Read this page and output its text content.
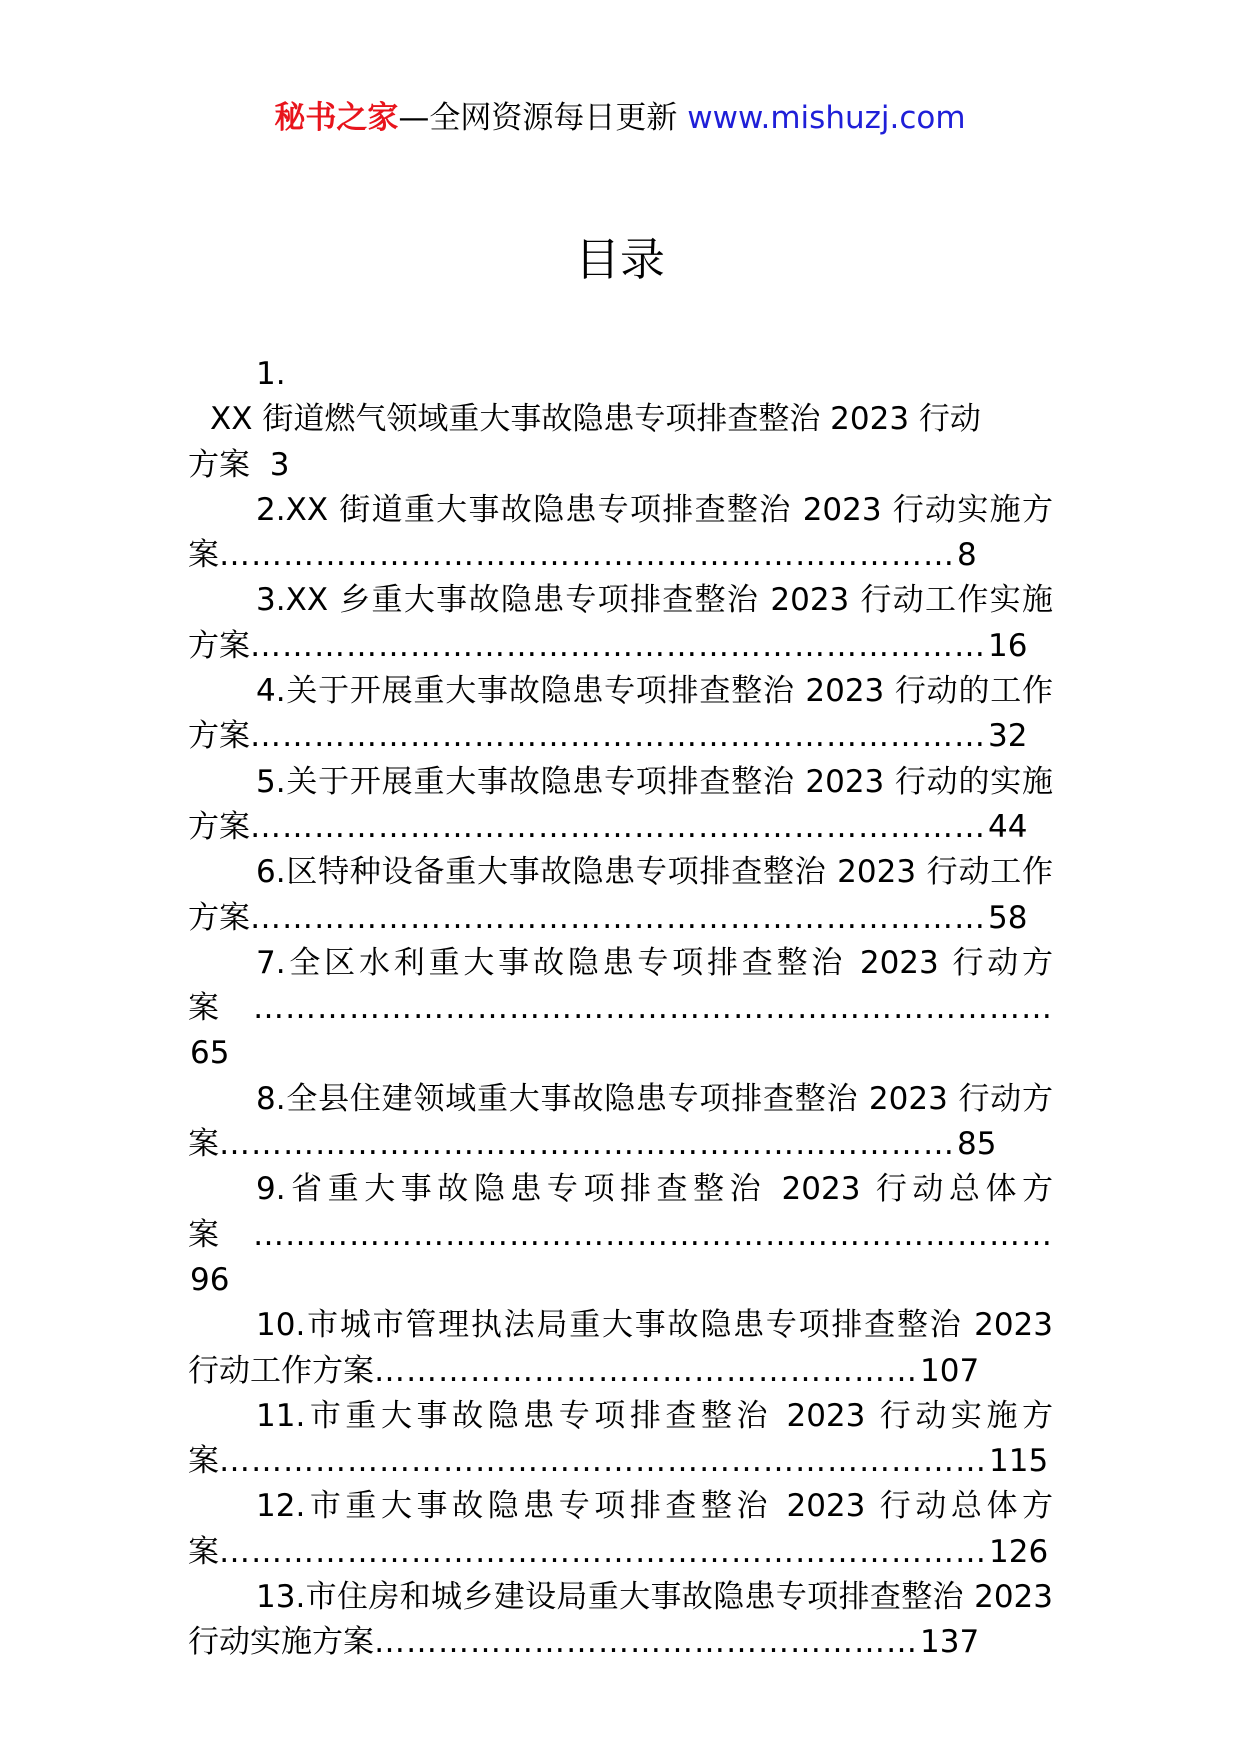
秘书之家—全网资源每日更新 www.mishuzj.com
目录
1.
XX 街道燃气领域重大事故隐患专项排查整治 2023 行动
方案 3
2.XX 街道重大事故隐患专项排查整治 2023 行动实施方案……………………………………………………………8
3.XX 乡重大事故隐患专项排查整治 2023 行动工作实施方案……………………………………………………………16
4.关于开展重大事故隐患专项排查整治 2023 行动的工作方案……………………………………………………………32
5.关于开展重大事故隐患专项排查整治 2023 行动的实施方案……………………………………………………………44
6.区特种设备重大事故隐患专项排查整治 2023 行动工作方案……………………………………………………………58
7.全区水利重大事故隐患专项排查整治 2023 行动方案…………………………………………………………………65
8.全县住建领域重大事故隐患专项排查整治 2023 行动方案……………………………………………………………85
9.省重大事故隐患专项排查整治 2023 行动总体方案…………………………………………………………………96
10.市城市管理执法局重大事故隐患专项排查整治 2023 行动工作方案……………………………………………107
11.市重大事故隐患专项排查整治 2023 行动实施方案………………………………………………………………115
12.市重大事故隐患专项排查整治 2023 行动总体方案………………………………………………………………126
13.市住房和城乡建设局重大事故隐患专项排查整治 2023 行动实施方案……………………………………………137
